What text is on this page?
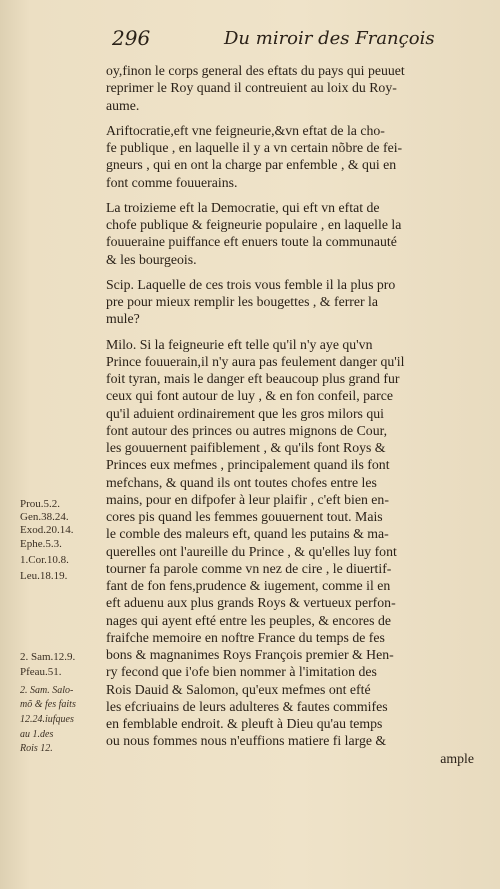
296	Du miroir des François
Prou.5.2.
Gen.38.24.
Exod.20.14.
Ephe.5.3.
1.Cor.10.8.
Leu.18.19.
2. Sam.12.9.
Pfeau.51.
2. Sam. Salo-
mõ & fes faits
12.24.iufques
au 1.des
Rois 12.
oy,finon le corps general des eftats du pays qui peuuet
reprimer le Roy quand il contreuient au loix du Roy-
aume.
Ariftocratie,eft vne feigneurie,&vn eftat de la cho-
fe publique , en laquelle il y a vn certain nõbre de fei-
gneurs , qui en ont la charge par enfemble , & qui en
font comme fouuerains.
La troizieme eft la Democratie, qui eft vn eftat de
chofe publique & feigneurie populaire , en laquelle la
fouueraine puiffance eft enuers toute la communauté
& les bourgeois.
Scip. Laquelle de ces trois vous femble il la plus pro
pre pour mieux remplir les bougettes , & ferrer la
mule?
Milo. Si la feigneurie eft telle qu'il n'y aye qu'vn
Prince fouuerain,il n'y aura pas feulement danger qu'il
foit tyran, mais le danger eft beaucoup plus grand fur
ceux qui font autour de luy , & en fon confeil, parce
qu'il aduient ordinairement que les gros milors qui
font autour des princes ou autres mignons de Cour,
les gouuernent paifiblement , & qu'ils font Roys &
Princes eux mefmes , principalement quand ils font
mefchans, & quand ils ont toutes chofes entre les
mains, pour en difpofer à leur plaifir , c'eft bien en-
cores pis quand les femmes gouuernent tout. Mais
le comble des maleurs eft, quand les putains & ma-
querelles ont l'aureille du Prince , & qu'elles luy font
tourner fa parole comme vn nez de cire , le diuertif-
fant de fon fens,prudence & iugement, comme il en
eft aduenu aux plus grands Roys & vertueux perfon-
nages qui ayent efté entre les peuples, & encores de
fraifche memoire en noftre France du temps de fes
bons & magnanimes Roys François premier & Hen-
ry fecond que i'ofe bien nommer à l'imitation des
Rois Dauid & Salomon, qu'eux mefmes ont efté
les efcriuains de leurs adulteres & fautes commifes
en femblable endroit. & pleuft à Dieu qu'au temps
ou nous fommes nous n'euffions matiere fi large &
ample
